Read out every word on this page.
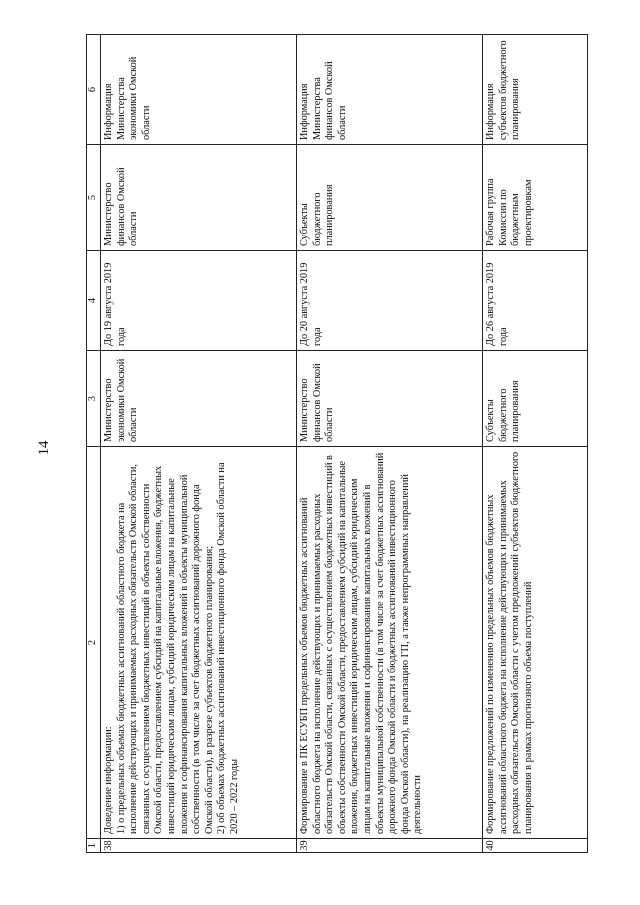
14
1	2	3	4	5	6
38	Доведение информации: 1) о предельных объемах бюджетных ассигнований областного бюджета на исполнение действующих и принимаемых расходных обязательств Омской области, связанных с осуществлением бюджетных инвестиций в объекты собственности Омской области, предоставлением субсидий на капитальные вложения, бюджетных инвестиций юридическим лицам, субсидий юридическим лицам на капитальные вложения и софинансирования капитальных вложений в объекты муниципальной собственности (в том числе за счет бюджетных ассигнований дорожного фонда Омской области), в разрезе субъектов бюджетного планирования; 2) об объемах бюджетных ассигнований инвестиционного фонда Омской области на 2020 – 2022 годы	Министерство экономики Омской области	До 19 августа 2019 года	Министерство финансов Омской области	Информация Министерства экономики Омской области
39	Формирование в ПК ЕСУБП предельных объемов бюджетных ассигнований областного бюджета на исполнение действующих и принимаемых расходных обязательств Омской области, связанных с осуществлением бюджетных инвестиций в объекты собственности Омской области, предоставлением субсидий на капитальные вложения, бюджетных инвестиций юридическим лицам, субсидий юридическим лицам на капитальные вложения и софинансирования капитальных вложений в объекты муниципальной собственности (в том числе за счет бюджетных ассигнований дорожного фонда Омской области и бюджетных ассигнований инвестиционного фонда Омской области), на реализацию ГП, а также непрограммных направлений деятельности	Министерство финансов Омской области	До 20 августа 2019 года	Субъекты бюджетного планирования	Информация Министерства финансов Омской области
40	Формирование предложений по изменению предельных объемов бюджетных ассигнований областного бюджета на исполнение действующих и принимаемых расходных обязательств Омской области с учетом предложений субъектов бюджетного планирования в рамках прогнозного объема поступлений	Субъекты бюджетного планирования	До 26 августа 2019 года	Рабочая группа Комиссии по бюджетным проектировкам	Информация субъектов бюджетного планирования
